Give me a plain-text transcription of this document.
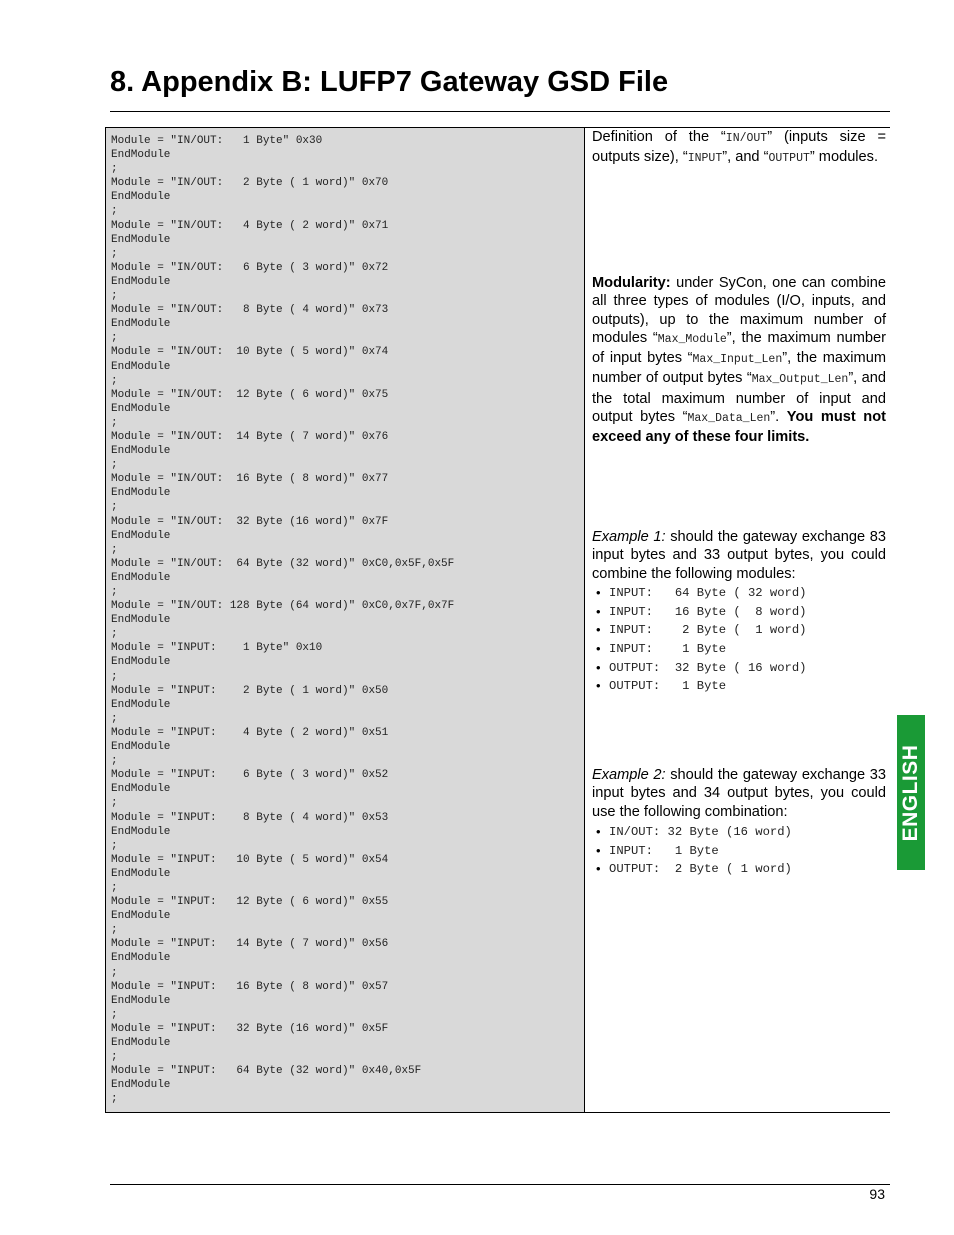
8. Appendix B: LUFP7 Gateway GSD File
Module = "IN/OUT:   1 Byte" 0x30
EndModule
;
Module = "IN/OUT:   2 Byte ( 1 word)" 0x70
EndModule
;
Module = "IN/OUT:   4 Byte ( 2 word)" 0x71
EndModule
;
Module = "IN/OUT:   6 Byte ( 3 word)" 0x72
EndModule
;
Module = "IN/OUT:   8 Byte ( 4 word)" 0x73
EndModule
;
Module = "IN/OUT:  10 Byte ( 5 word)" 0x74
EndModule
;
Module = "IN/OUT:  12 Byte ( 6 word)" 0x75
EndModule
;
Module = "IN/OUT:  14 Byte ( 7 word)" 0x76
EndModule
;
Module = "IN/OUT:  16 Byte ( 8 word)" 0x77
EndModule
;
Module = "IN/OUT:  32 Byte (16 word)" 0x7F
EndModule
;
Module = "IN/OUT:  64 Byte (32 word)" 0xC0,0x5F,0x5F
EndModule
;
Module = "IN/OUT: 128 Byte (64 word)" 0xC0,0x7F,0x7F
EndModule
;
Module = "INPUT:    1 Byte" 0x10
EndModule
;
Module = "INPUT:    2 Byte ( 1 word)" 0x50
EndModule
;
Module = "INPUT:    4 Byte ( 2 word)" 0x51
EndModule
;
Module = "INPUT:    6 Byte ( 3 word)" 0x52
EndModule
;
Module = "INPUT:    8 Byte ( 4 word)" 0x53
EndModule
;
Module = "INPUT:   10 Byte ( 5 word)" 0x54
EndModule
;
Module = "INPUT:   12 Byte ( 6 word)" 0x55
EndModule
;
Module = "INPUT:   14 Byte ( 7 word)" 0x56
EndModule
;
Module = "INPUT:   16 Byte ( 8 word)" 0x57
EndModule
;
Module = "INPUT:   32 Byte (16 word)" 0x5F
EndModule
;
Module = "INPUT:   64 Byte (32 word)" 0x40,0x5F
EndModule
;

Definition of the “IN/OUT” (inputs size = outputs size), “INPUT”, and “OUTPUT” modules.

Modularity: under SyCon, one can combine all three types of modules (I/O, inputs, and outputs), up to the maximum number of modules “Max_Module”, the maximum number of input bytes “Max_Input_Len”, the maximum number of output bytes “Max_Output_Len”, and the total maximum number of input and output bytes “Max_Data_Len”. You must not exceed any of these four limits.

Example 1: should the gateway exchange 83 input bytes and 33 output bytes, you could combine the following modules:

• INPUT:   64 Byte ( 32 word)
• INPUT:   16 Byte (  8 word)
• INPUT:    2 Byte (  1 word)
• INPUT:    1 Byte
• OUTPUT:  32 Byte ( 16 word)
• OUTPUT:   1 Byte

Example 2: should the gateway exchange 33 input bytes and 34 output bytes, you could use the following combination:

• IN/OUT: 32 Byte (16 word)
• INPUT:   1 Byte
• OUTPUT:  2 Byte ( 1 word)
ENGLISH
93
